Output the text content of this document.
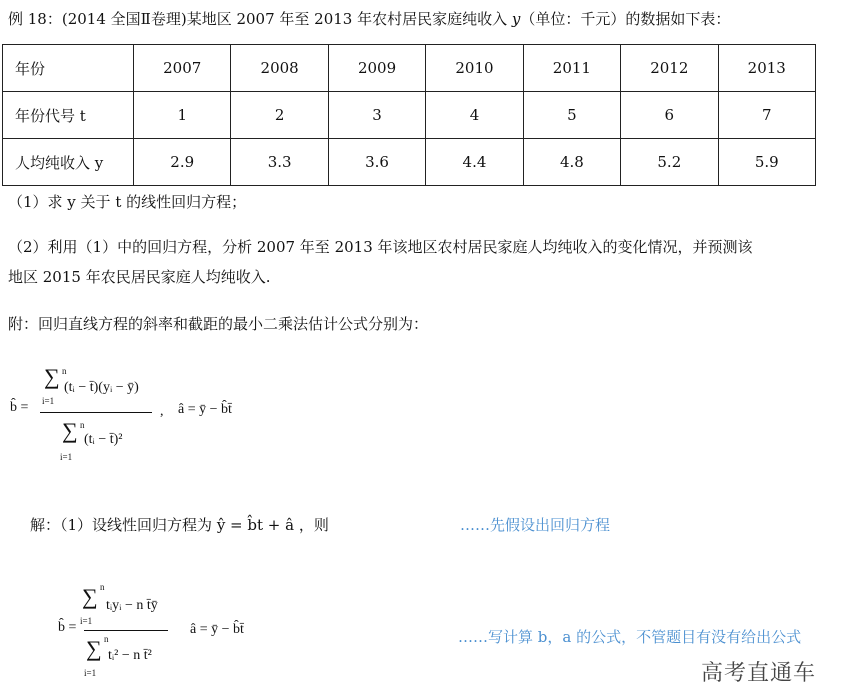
例 18：(2014 全国Ⅱ卷理)某地区 2007 年至 2013 年农村居民家庭纯收入 y（单位：千元）的数据如下表：
年份	2007	2008	2009	2010	2011	2012	2013
年份代号 t	1	2	3	4	5	6	7
人均纯收入 y	2.9	3.3	3.6	4.4	4.8	5.2	5.9
（1）求 y 关于 t 的线性回归方程；
（2）利用（1）中的回归方程，分析 2007 年至 2013 年该地区农村居民家庭人均纯收入的变化情况，并预测该
地区 2015 年农民居民家庭人均纯收入.
附：回归直线方程的斜率和截距的最小二乘法估计公式分别为：
b̂ =
∑ n
i=1
(tᵢ − t̄)(yᵢ − ȳ)
∑ n
i=1
(tᵢ − t̄)²
, â = ȳ − b̂t̄
解：（1）设线性回归方程为 ŷ = b̂t + â ，则	……先假设出回归方程
b̂ =
∑ n
i=1
tᵢyᵢ − n t̄ȳ
∑ n
i=1
tᵢ² − n t̄²
â = ȳ − b̂t̄	……写计算 b，a 的公式，不管题目有没有给出公式
高考直通车
